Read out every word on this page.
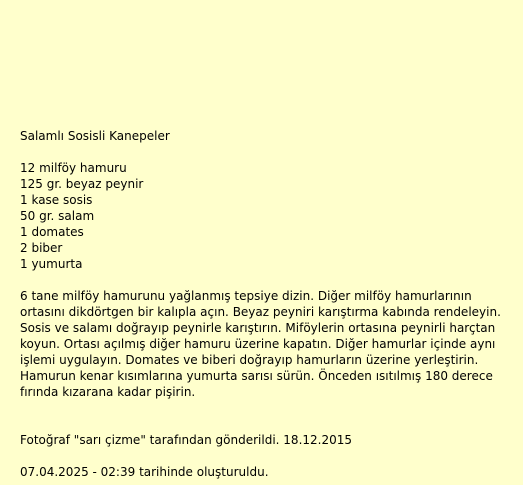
Salamlı Sosisli Kanepeler
12 milföy hamuru
125 gr. beyaz peynir
1 kase sosis
50 gr. salam
1 domates
2 biber
1 yumurta

6 tane milföy hamurunu yağlanmış tepsiye dizin. Diğer milföy hamurlarının ortasını dikdörtgen bir kalıpla açın. Beyaz peyniri karıştırma kabında rendeleyin. Sosis ve salamı doğrayıp peynirle karıştırın. Miföylerin ortasına peynirli harçtan koyun. Ortası açılmış diğer hamuru üzerine kapatın. Diğer hamurlar içinde aynı işlemi uygulayın. Domates ve biberi doğrayıp hamurların üzerine yerleştirin. Hamurun kenar kısımlarına yumurta sarısı sürün. Önceden ısıtılmış 180 derece fırında kızarana kadar pişirin.

Fotoğraf "sarı çizme" tarafından gönderildi. 18.12.2015

07.04.2025 - 02:39 tarihinde oluşturuldu.
